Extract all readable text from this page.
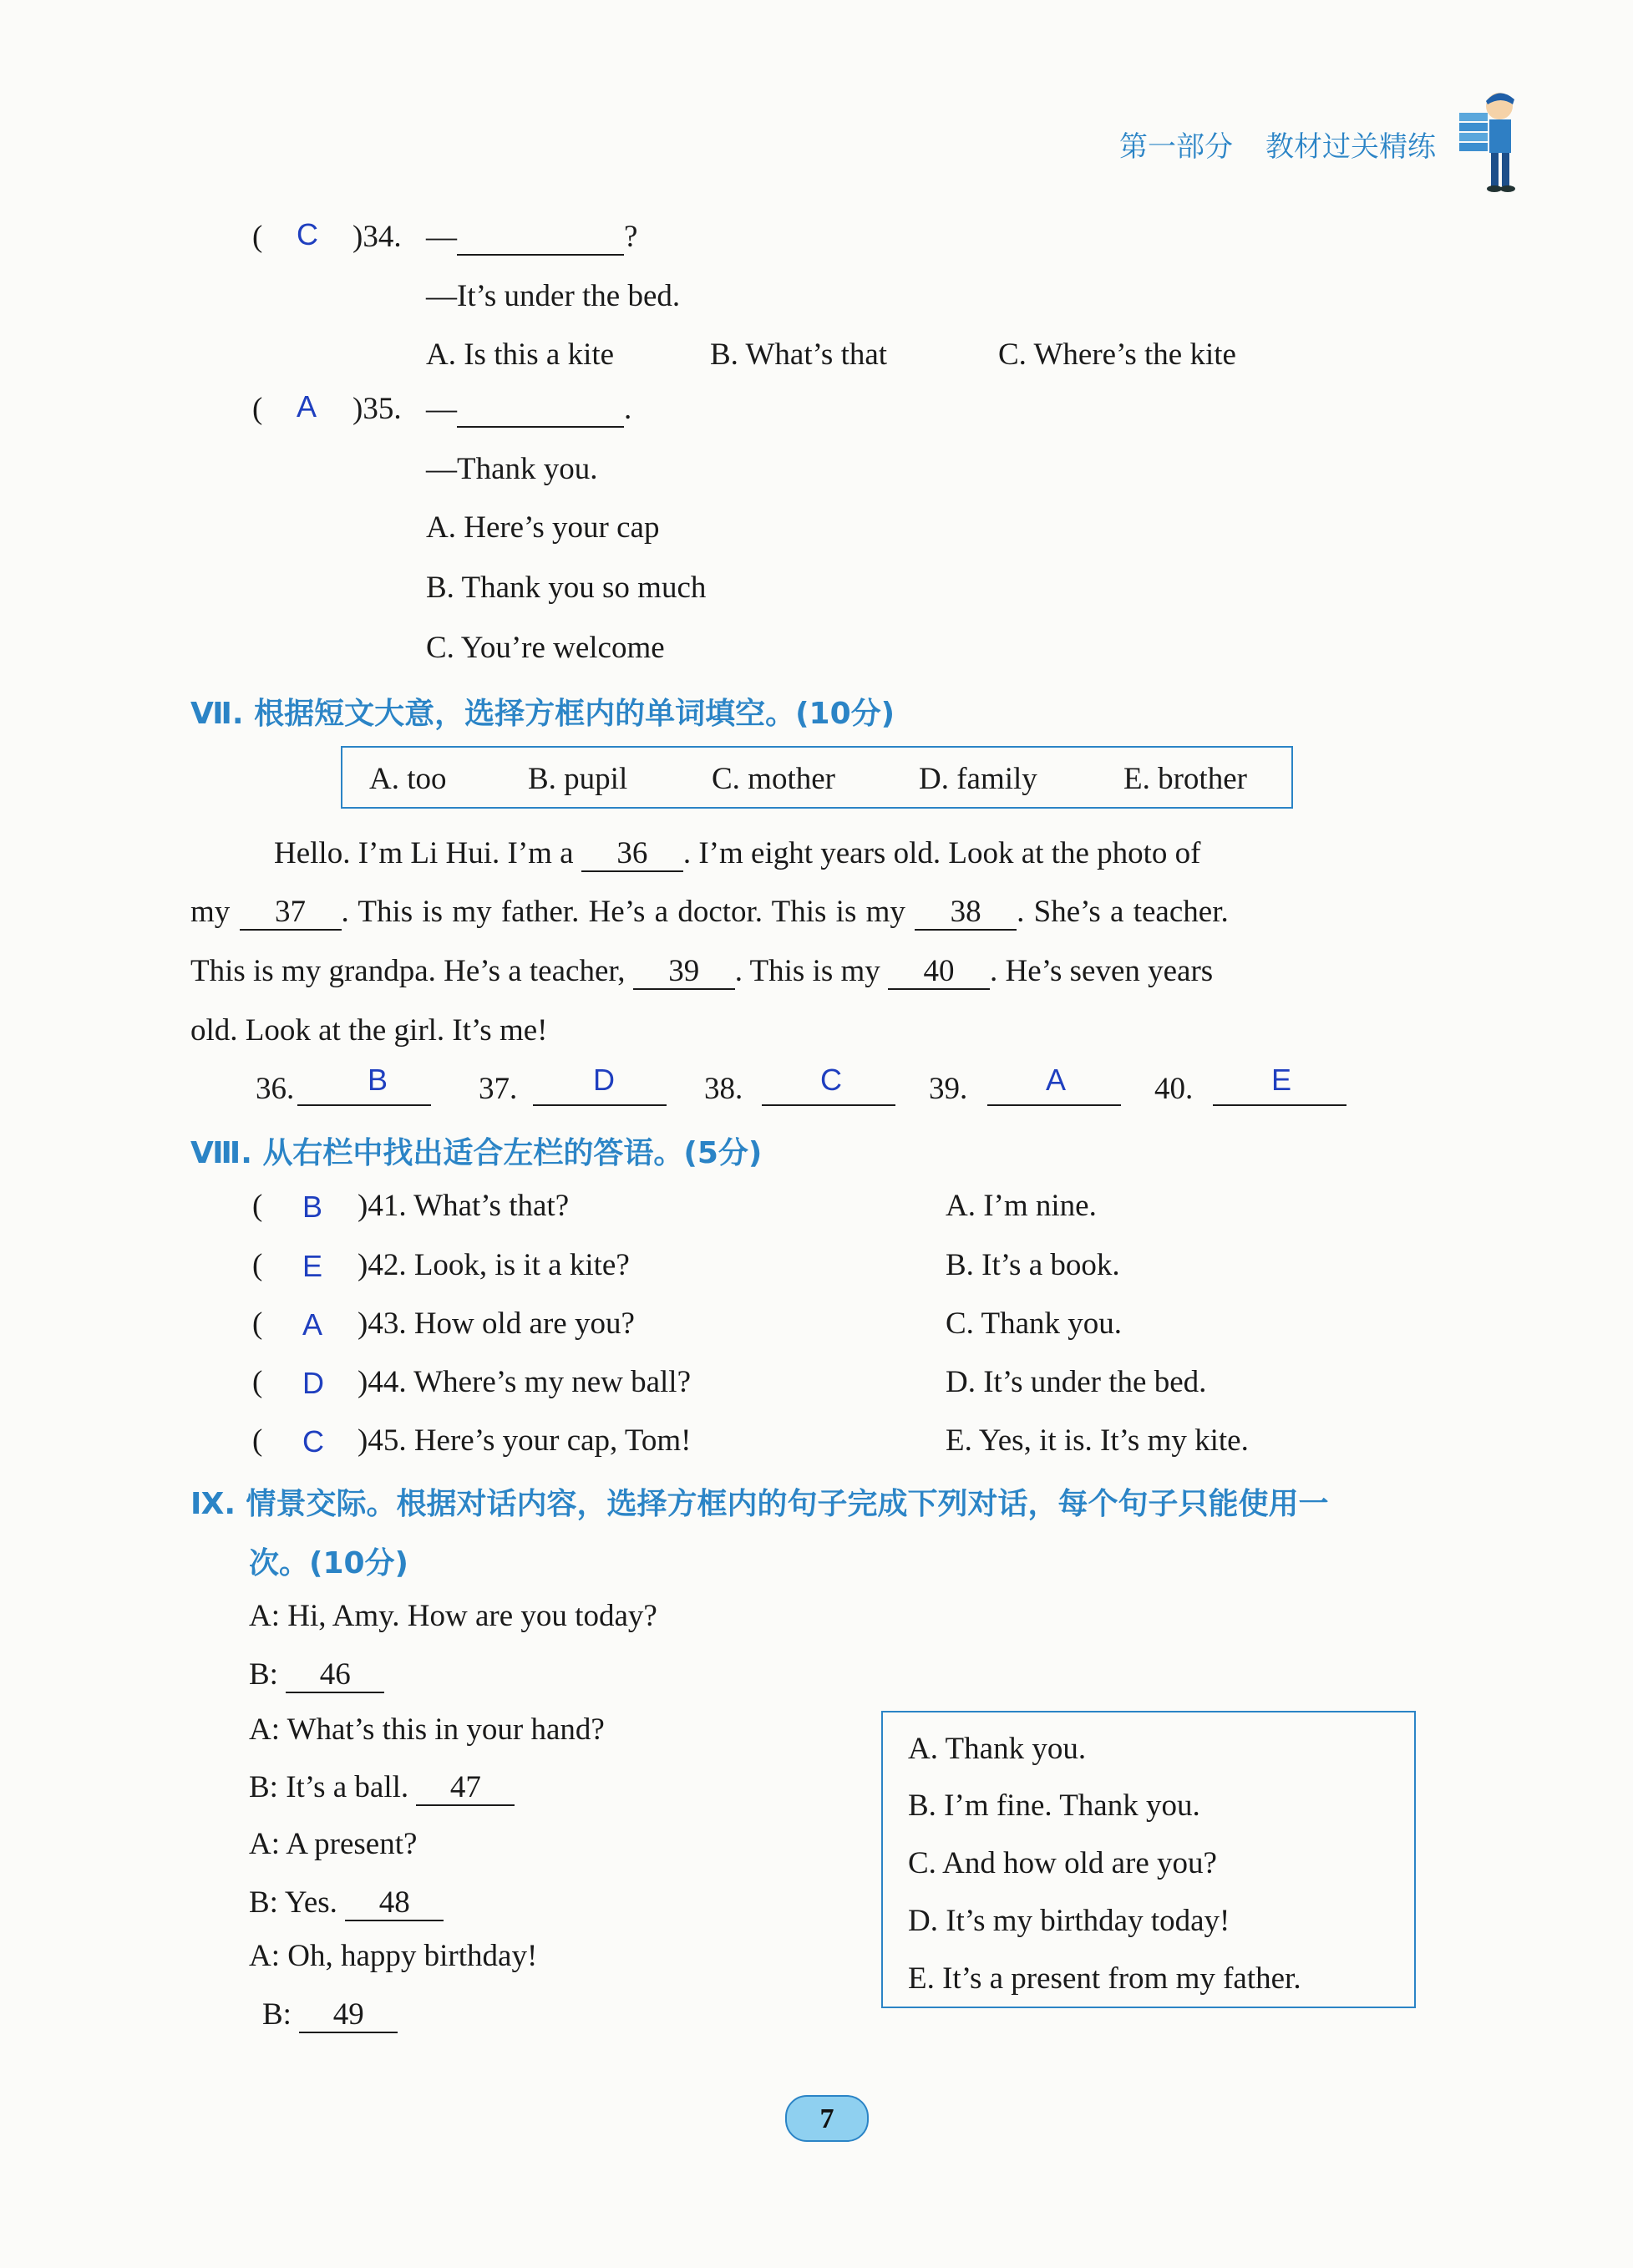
第一部分 教材过关精练
( C )34. —	?
—It’s under the bed.
A. Is this a kite	B. What’s that	C. Where’s the kite
( A )35. —	.
—Thank you.
A. Here’s your cap
B. Thank you so much
C. You’re welcome
Ⅶ. 根据短文大意，选择方框内的单词填空。(10分)
A. too	B. pupil	C. mother	D. family	E. brother
Hello. I’m Li Hui. I’m a 36 . I’m eight years old. Look at the photo of
my 37 . This is my father. He’s a doctor. This is my 38 . She’s a teacher.
This is my grandpa. He’s a teacher, 39 . This is my 40 . He’s seven years
old. Look at the girl. It’s me!
36. B	37.	D	38.	C	39.	A	40.	E
Ⅷ. 从右栏中找出适合左栏的答语。(5分)
( B )41. What’s that?	A. I’m nine.
( E )42. Look, is it a kite?	B. It’s a book.
( A )43. How old are you?	C. Thank you.
( D )44. Where’s my new ball?	D. It’s under the bed.
( C )45. Here’s your cap, Tom!	E. Yes, it is. It’s my kite.
Ⅸ. 情景交际。根据对话内容，选择方框内的句子完成下列对话，每个句子只能使用一
次。(10分)
A: Hi, Amy. How are you today?
B: 46
A: What’s this in your hand?
B: It’s a ball. 47
A: A present?
B: Yes. 48
A: Oh, happy birthday!
B: 49
A. Thank you.
B. I’m fine. Thank you.
C. And how old are you?
D. It’s my birthday today!
E. It’s a present from my father.
7
